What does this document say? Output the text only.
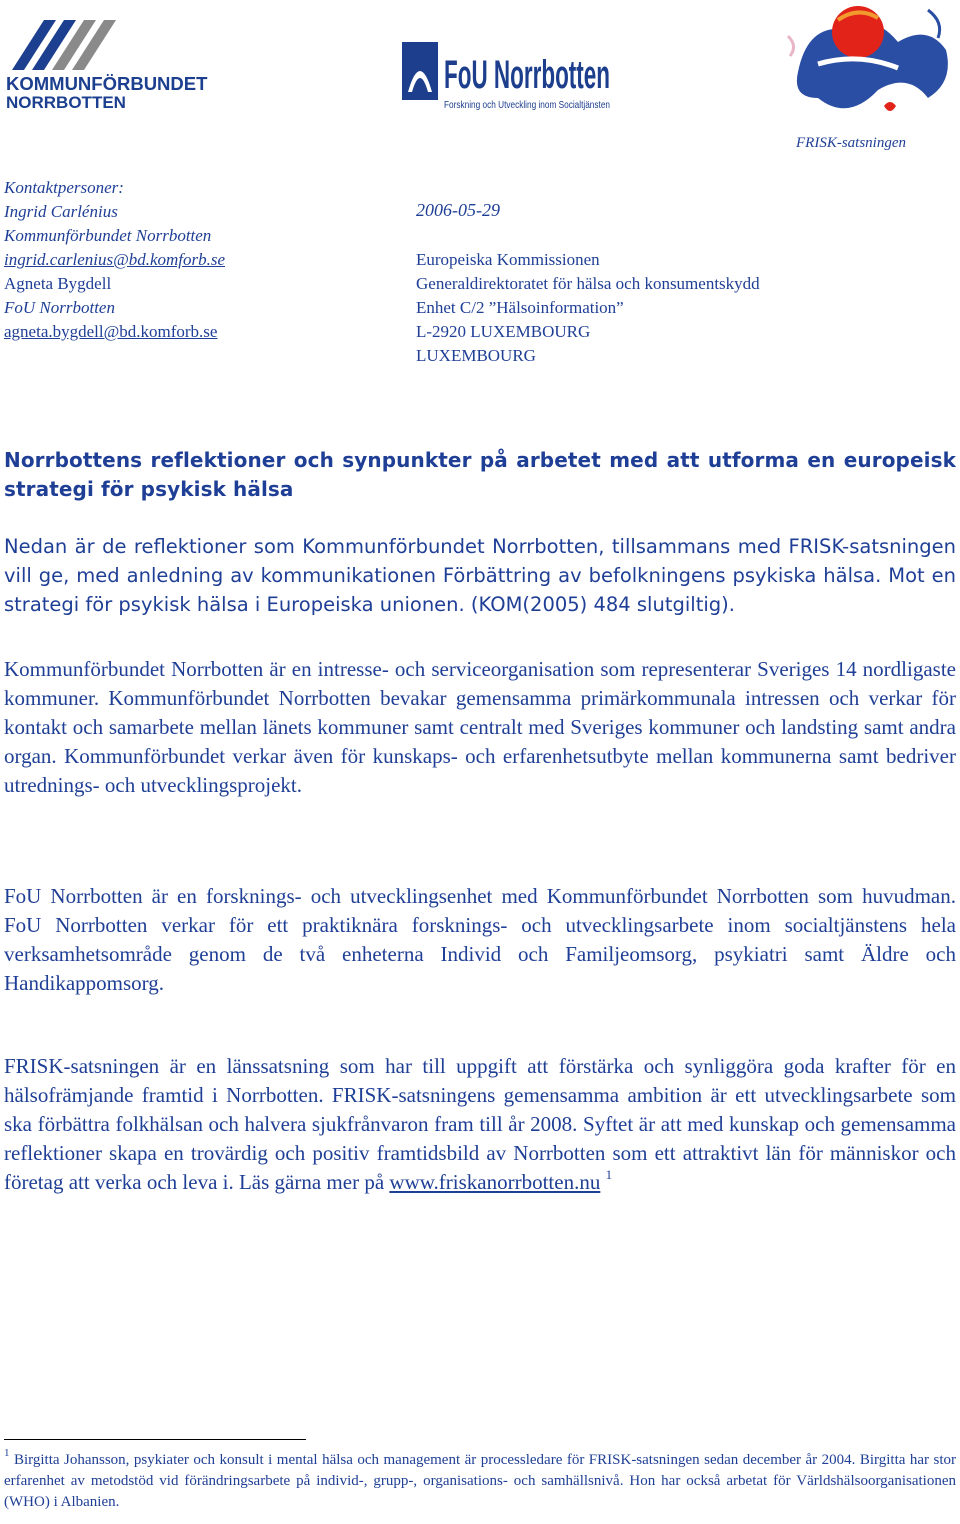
KOMMUNFÖRBUNDET
NORRBOTTEN
FoU Norrbotten
Forskning och Utveckling inom Socialtjänsten
FRISK-satsningen
Kontaktpersoner:
Ingrid Carlénius
Kommunförbundet Norrbotten
ingrid.carlenius@bd.komforb.se
Agneta Bygdell
FoU Norrbotten
agneta.bygdell@bd.komforb.se
2006-05-29
Europeiska Kommissionen
Generaldirektoratet för hälsa och konsumentskydd
Enhet C/2 ”Hälsoinformation”
L-2920 LUXEMBOURG
LUXEMBOURG
Norrbottens reflektioner och synpunkter på arbetet med att utforma en europeisk strategi för psykisk hälsa
Nedan är de reflektioner som Kommunförbundet Norrbotten, tillsammans med FRISK-satsningen vill ge, med anledning av kommunikationen Förbättring av befolkningens psykiska hälsa. Mot en strategi för psykisk hälsa i Europeiska unionen. (KOM(2005) 484 slutgiltig).
Kommunförbundet Norrbotten är en intresse- och serviceorganisation som representerar Sveriges 14 nordligaste kommuner. Kommunförbundet Norrbotten bevakar gemensamma primärkommunala intressen och verkar för kontakt och samarbete mellan länets kommuner samt centralt med Sveriges kommuner och landsting samt andra organ. Kommunförbundet verkar även för kunskaps- och erfarenhetsutbyte mellan kommunerna samt bedriver utrednings- och utvecklingsprojekt.
FoU Norrbotten är en forsknings- och utvecklingsenhet med Kommunförbundet Norrbotten som huvudman. FoU Norrbotten verkar för ett praktiknära forsknings- och utvecklingsarbete inom socialtjänstens hela verksamhetsområde genom de två enheterna Individ och Familjeomsorg, psykiatri samt Äldre och Handikappomsorg.
FRISK-satsningen är en länssatsning som har till uppgift att förstärka och synliggöra goda krafter för en hälsofrämjande framtid i Norrbotten. FRISK-satsningens gemensamma ambition är ett utvecklingsarbete som ska förbättra folkhälsan och halvera sjukfrånvaron fram till år 2008. Syftet är att med kunskap och gemensamma reflektioner skapa en trovärdig och positiv framtidsbild av Norrbotten som ett attraktivt län för människor och företag att verka och leva i. Läs gärna mer på www.friskanorrbotten.nu $^1$
$^1$ Birgitta Johansson, psykiater och konsult i mental hälsa och management är processledare för FRISK-satsningen sedan december år 2004. Birgitta har stor erfarenhet av metodstöd vid förändringsarbete på individ-, grupp-, organisations- och samhällsnivå. Hon har också arbetat för Världshälsoorganisationen (WHO) i Albanien.
